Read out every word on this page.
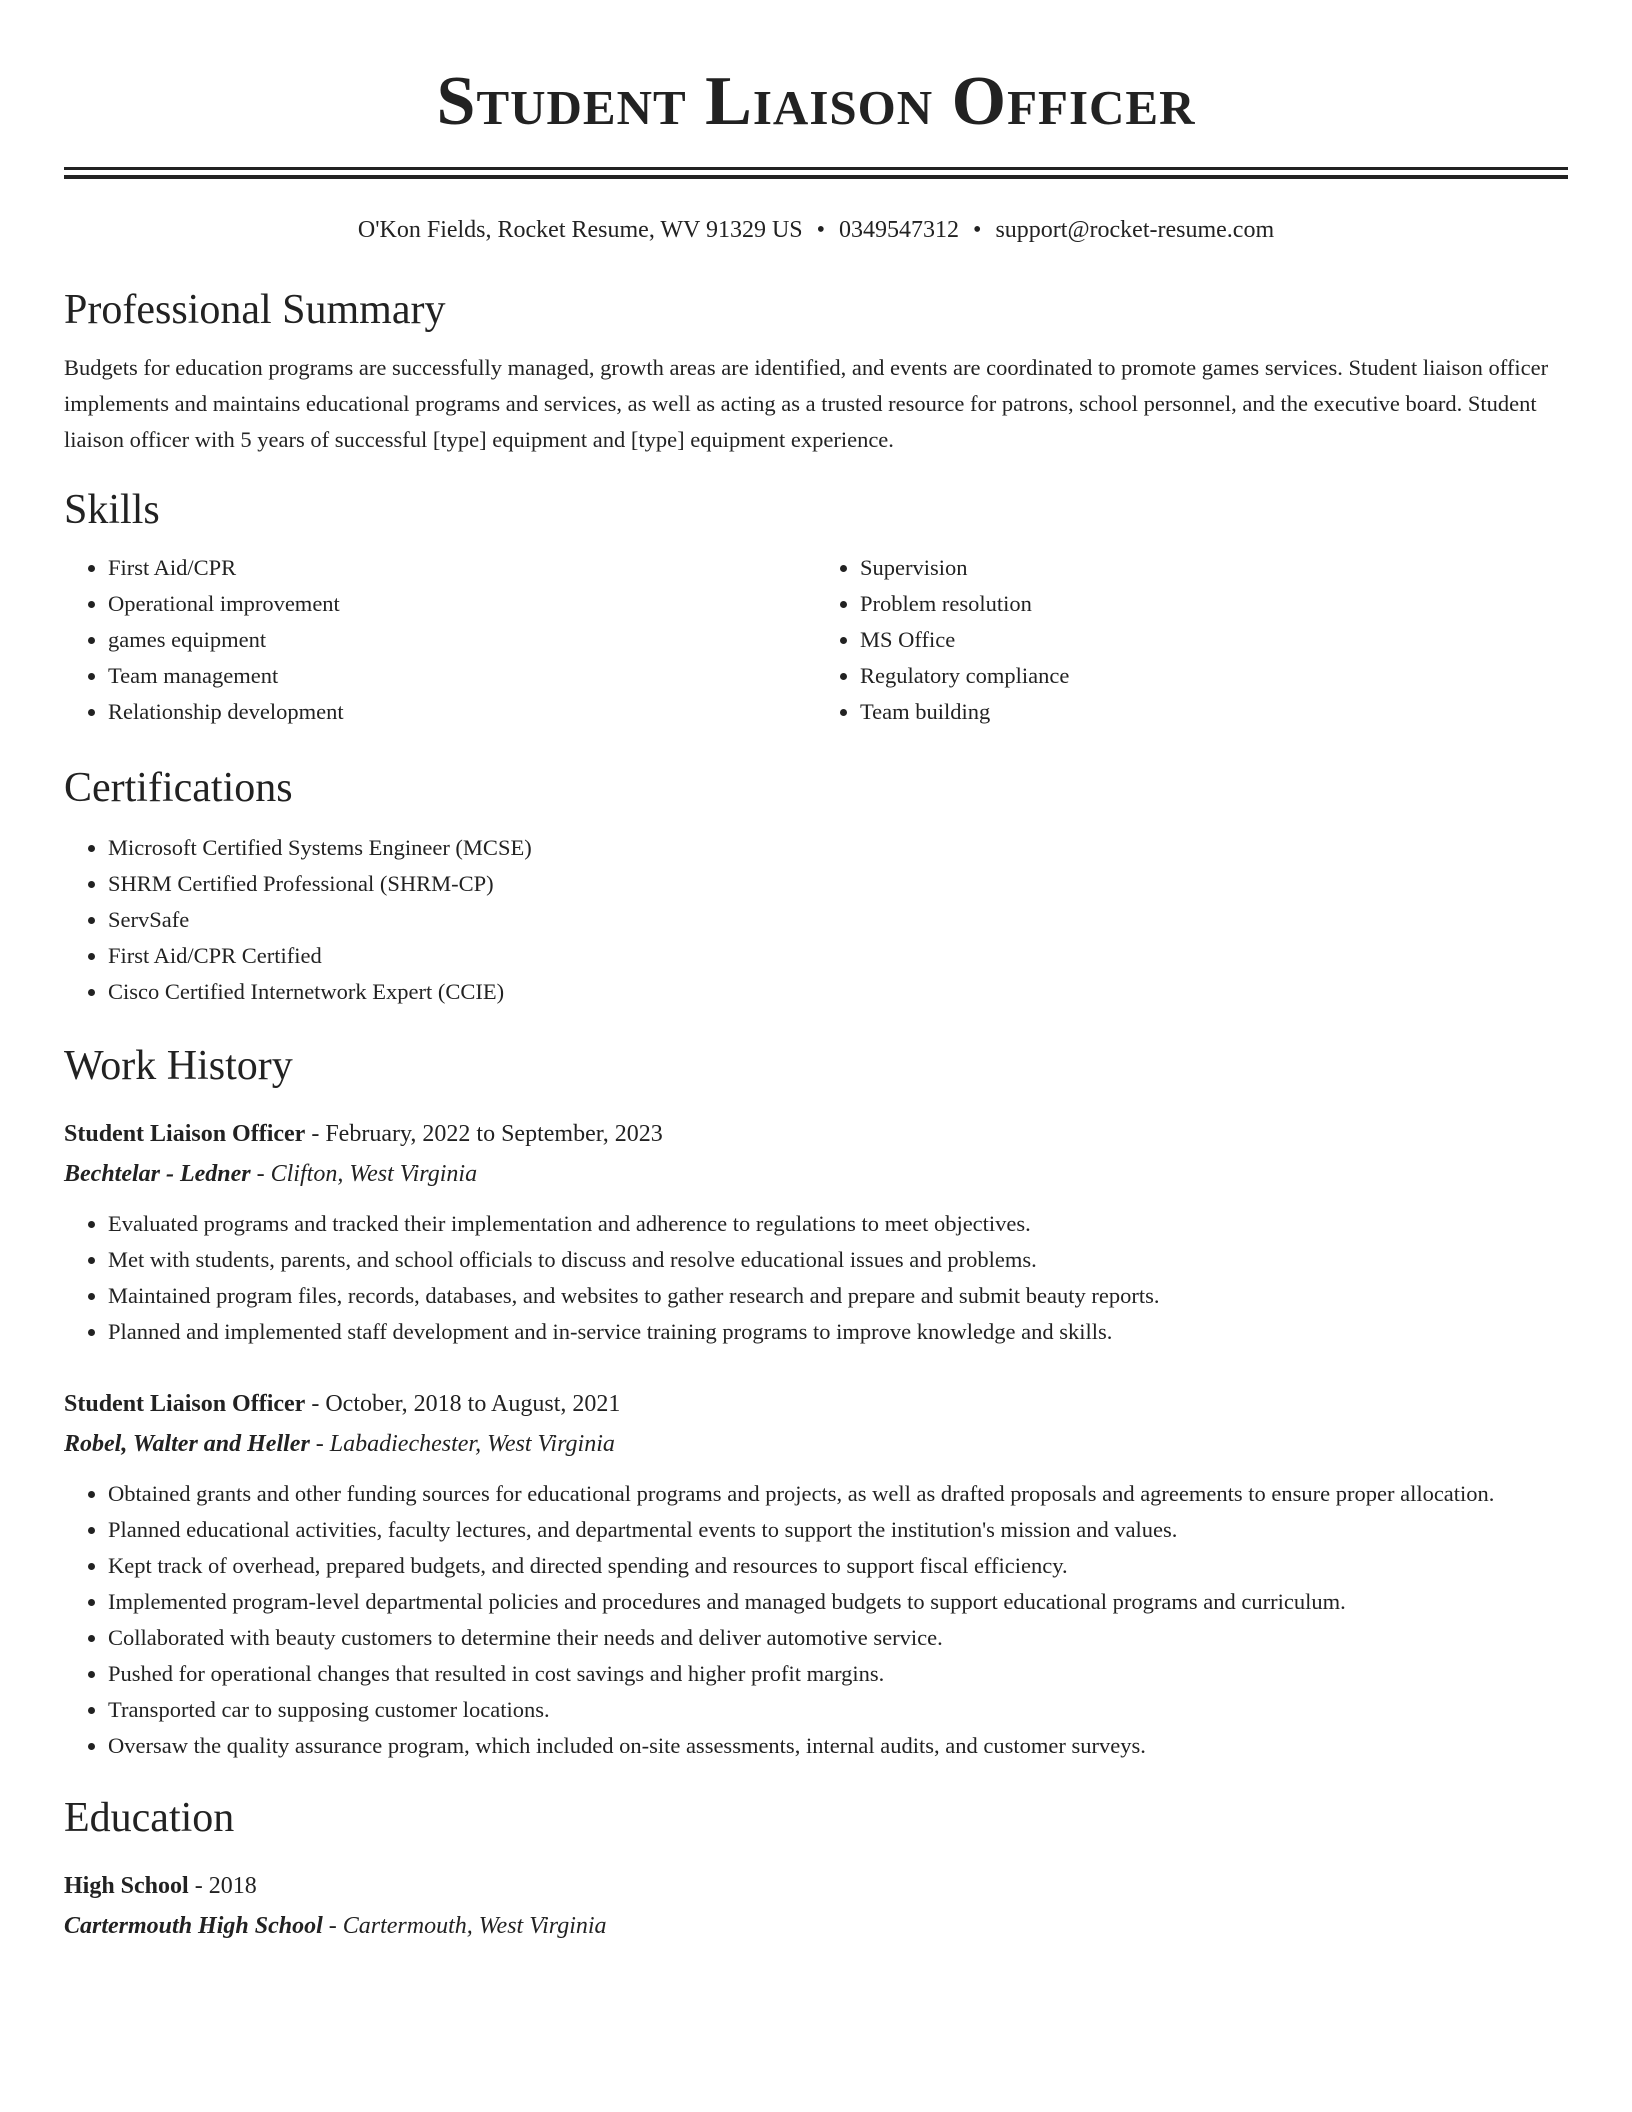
Student Liaison Officer
O'Kon Fields, Rocket Resume, WV 91329 US • 0349547312 • support@rocket-resume.com
Professional Summary

Budgets for education programs are successfully managed, growth areas are identified, and events are coordinated to promote games services. Student liaison officer implements and maintains educational programs and services, as well as acting as a trusted resource for patrons, school personnel, and the executive board. Student liaison officer with 5 years of successful [type] equipment and [type] equipment experience.

Skills
• First Aid/CPR
• Operational improvement
• games equipment
• Team management
• Relationship development
• Supervision
• Problem resolution
• MS Office
• Regulatory compliance
• Team building
Certifications
• Microsoft Certified Systems Engineer (MCSE)
• SHRM Certified Professional (SHRM-CP)
• ServSafe
• First Aid/CPR Certified
• Cisco Certified Internetwork Expert (CCIE)
Work History
Student Liaison Officer - February, 2022 to September, 2023
Bechtelar - Ledner - Clifton, West Virginia
• Evaluated programs and tracked their implementation and adherence to regulations to meet objectives.
• Met with students, parents, and school officials to discuss and resolve educational issues and problems.
• Maintained program files, records, databases, and websites to gather research and prepare and submit beauty reports.
• Planned and implemented staff development and in-service training programs to improve knowledge and skills.
Student Liaison Officer - October, 2018 to August, 2021
Robel, Walter and Heller - Labadiechester, West Virginia
• Obtained grants and other funding sources for educational programs and projects, as well as drafted proposals and agreements to ensure proper allocation.
• Planned educational activities, faculty lectures, and departmental events to support the institution's mission and values.
• Kept track of overhead, prepared budgets, and directed spending and resources to support fiscal efficiency.
• Implemented program-level departmental policies and procedures and managed budgets to support educational programs and curriculum.
• Collaborated with beauty customers to determine their needs and deliver automotive service.
• Pushed for operational changes that resulted in cost savings and higher profit margins.
• Transported car to supposing customer locations.
• Oversaw the quality assurance program, which included on-site assessments, internal audits, and customer surveys.
Education
High School - 2018
Cartermouth High School - Cartermouth, West Virginia
